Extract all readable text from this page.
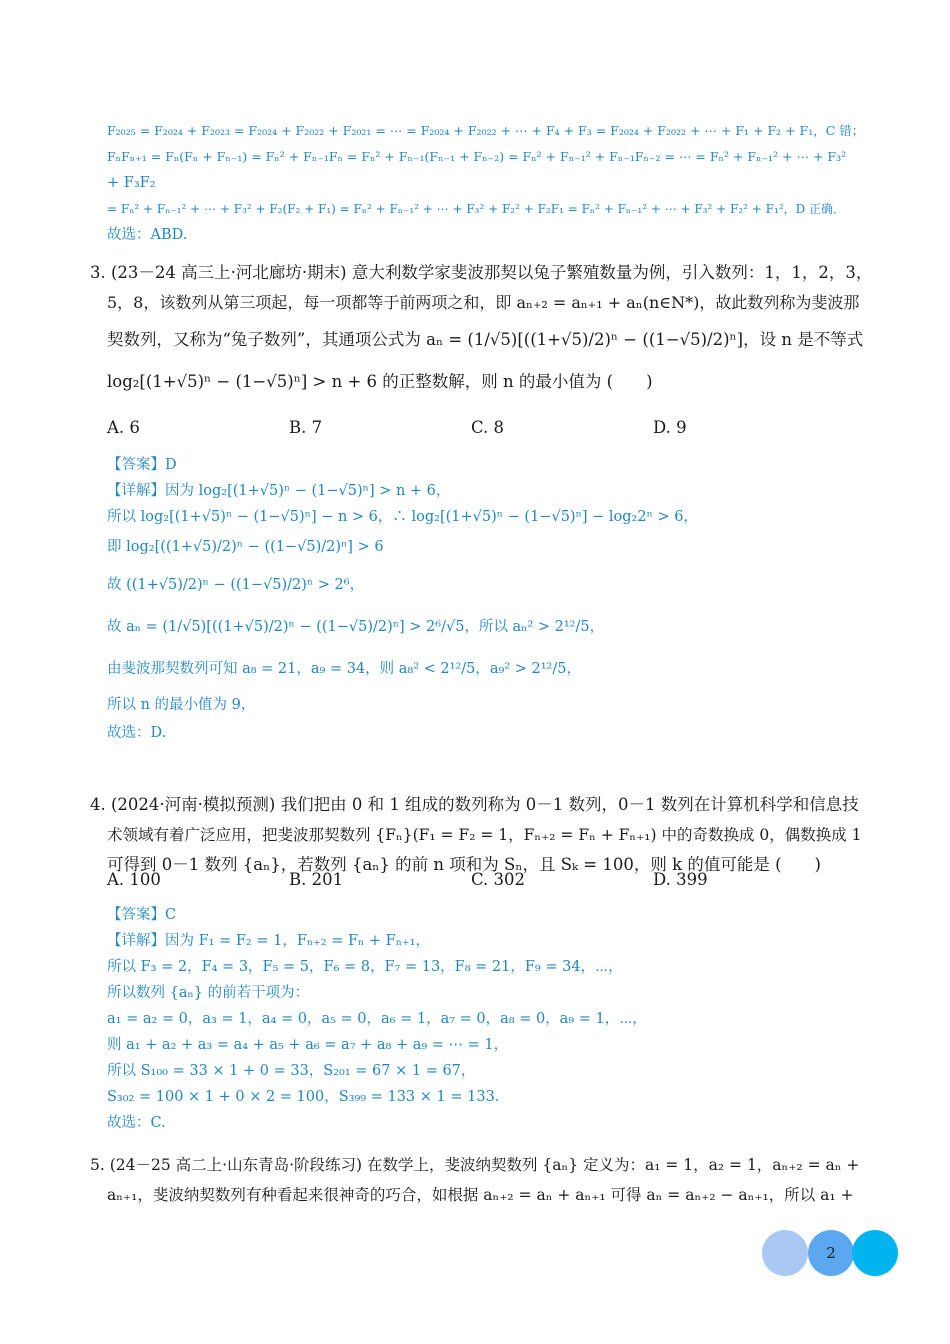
F₂₀₂₅ = F₂₀₂₄ + F₂₀₂₃ = F₂₀₂₄ + F₂₀₂₂ + F₂₀₂₁ = ⋯ = F₂₀₂₄ + F₂₀₂₂ + ⋯ + F₄ + F₃ = F₂₀₂₄ + F₂₀₂₂ + ⋯ + F₁ + F₂ + F₁，C 错；
FₙFₙ₊₁ = Fₙ(Fₙ + Fₙ₋₁) = Fₙ² + Fₙ₋₁Fₙ = Fₙ² + Fₙ₋₁(Fₙ₋₁ + Fₙ₋₂) = Fₙ² + Fₙ₋₁² + Fₙ₋₁Fₙ₋₂ = ⋯ = Fₙ² + Fₙ₋₁² + ⋯ + F₃²
+ F₃F₂
= Fₙ² + Fₙ₋₁² + ⋯ + F₃² + F₂(F₂ + F₁) = Fₙ² + Fₙ₋₁² + ⋯ + F₃² + F₂² + F₂F₁ = Fₙ² + Fₙ₋₁² + ⋯ + F₃² + F₂² + F₁²，D 正确．
故选：ABD.
3. (23－24 高三上·河北廊坊·期末) 意大利数学家斐波那契以兔子繁殖数量为例，引入数列：1，1，2，3，
5，8，该数列从第三项起，每一项都等于前两项之和，即 aₙ₊₂ = aₙ₊₁ + aₙ(n∈N*)，故此数列称为斐波那
契数列，又称为“兔子数列”，其通项公式为 aₙ = (1/√5)[((1+√5)/2)ⁿ − ((1−√5)/2)ⁿ]，设 n 是不等式
log₂[(1+√5)ⁿ − (1−√5)ⁿ] > n + 6 的正整数解，则 n 的最小值为 (　　)
A. 6	B. 7	C. 8	D. 9
【答案】D
【详解】因为 log₂[(1+√5)ⁿ − (1−√5)ⁿ] > n + 6，
所以 log₂[(1+√5)ⁿ − (1−√5)ⁿ] − n > 6，∴ log₂[(1+√5)ⁿ − (1−√5)ⁿ] − log₂2ⁿ > 6，
即 log₂[((1+√5)/2)ⁿ − ((1−√5)/2)ⁿ] > 6
故 ((1+√5)/2)ⁿ − ((1−√5)/2)ⁿ > 2⁶，
故 aₙ = (1/√5)[((1+√5)/2)ⁿ − ((1−√5)/2)ⁿ] > 2⁶/√5，所以 aₙ² > 2¹²/5，
由斐波那契数列可知 a₈ = 21，a₉ = 34，则 a₈² < 2¹²/5，a₉² > 2¹²/5，
所以 n 的最小值为 9，
故选：D.
4. (2024·河南·模拟预测) 我们把由 0 和 1 组成的数列称为 0－1 数列，0－1 数列在计算机科学和信息技
术领域有着广泛应用，把斐波那契数列 {Fₙ}(F₁ = F₂ = 1，Fₙ₊₂ = Fₙ + Fₙ₊₁) 中的奇数换成 0，偶数换成 1
可得到 0－1 数列 {aₙ}，若数列 {aₙ} 的前 n 项和为 Sₙ，且 Sₖ = 100，则 k 的值可能是 (　　)
A. 100	B. 201	C. 302	D. 399
【答案】C
【详解】因为 F₁ = F₂ = 1，Fₙ₊₂ = Fₙ + Fₙ₊₁，
所以 F₃ = 2，F₄ = 3，F₅ = 5，F₆ = 8，F₇ = 13，F₈ = 21，F₉ = 34，⋯，
所以数列 {aₙ} 的前若干项为：
a₁ = a₂ = 0，a₃ = 1，a₄ = 0，a₅ = 0，a₆ = 1，a₇ = 0，a₈ = 0，a₉ = 1，⋯，
则 a₁ + a₂ + a₃ = a₄ + a₅ + a₆ = a₇ + a₈ + a₉ = ⋯ = 1，
所以 S₁₀₀ = 33 × 1 + 0 = 33，S₂₀₁ = 67 × 1 = 67，
S₃₀₂ = 100 × 1 + 0 × 2 = 100，S₃₉₉ = 133 × 1 = 133.
故选：C.
5. (24－25 高二上·山东青岛·阶段练习) 在数学上，斐波纳契数列 {aₙ} 定义为：a₁ = 1，a₂ = 1，aₙ₊₂ = aₙ +
aₙ₊₁，斐波纳契数列有种看起来很神奇的巧合，如根据 aₙ₊₂ = aₙ + aₙ₊₁ 可得 aₙ = aₙ₊₂ − aₙ₊₁，所以 a₁ +
2
